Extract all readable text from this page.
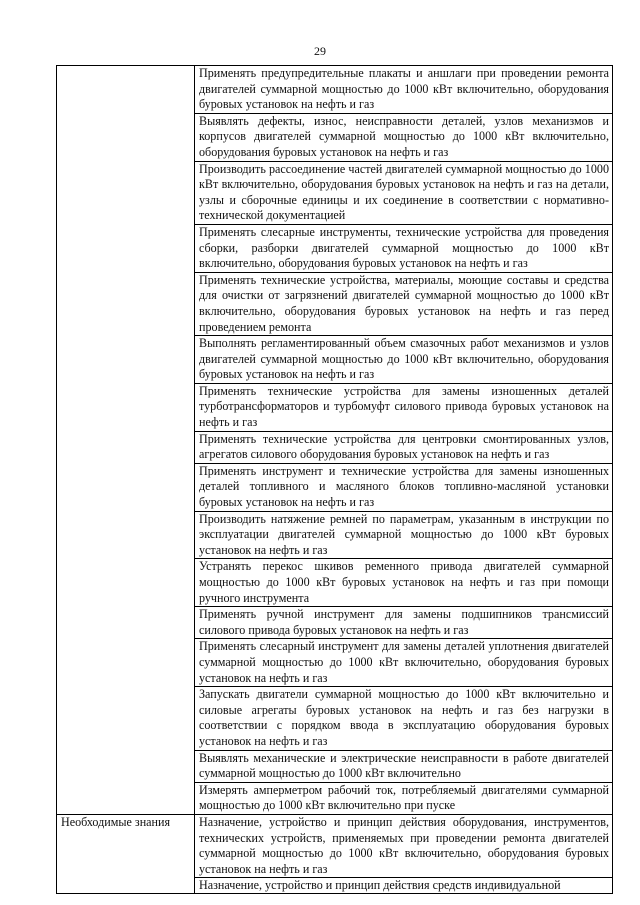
29
	Применять предупредительные плакаты и аншлаги при проведении ремонта двигателей суммарной мощностью до 1000 кВт включительно, оборудования буровых установок на нефть и газ
	Выявлять дефекты, износ, неисправности деталей, узлов механизмов и корпусов двигателей суммарной мощностью до 1000 кВт включительно, оборудования буровых установок на нефть и газ
	Производить рассоединение частей двигателей суммарной мощностью до 1000 кВт включительно, оборудования буровых установок на нефть и газ на детали, узлы и сборочные единицы и их соединение в соответствии с нормативно-технической документацией
	Применять слесарные инструменты, технические устройства для проведения сборки, разборки двигателей суммарной мощностью до 1000 кВт включительно, оборудования буровых установок на нефть и газ
	Применять технические устройства, материалы, моющие составы и средства для очистки от загрязнений двигателей суммарной мощностью до 1000 кВт включительно, оборудования буровых установок на нефть и газ перед проведением ремонта
	Выполнять регламентированный объем смазочных работ механизмов и узлов двигателей суммарной мощностью до 1000 кВт включительно, оборудования буровых установок на нефть и газ
	Применять технические устройства для замены изношенных деталей турботрансформаторов и турбомуфт силового привода буровых установок на нефть и газ
	Применять технические устройства для центровки смонтированных узлов, агрегатов силового оборудования буровых установок на нефть и газ
	Применять инструмент и технические устройства для замены изношенных деталей топливного и масляного блоков топливно-масляной установки буровых установок на нефть и газ
	Производить натяжение ремней по параметрам, указанным в инструкции по эксплуатации двигателей суммарной мощностью до 1000 кВт буровых установок на нефть и газ
	Устранять перекос шкивов ременного привода двигателей суммарной мощностью до 1000 кВт буровых установок на нефть и газ при помощи ручного инструмента
	Применять ручной инструмент для замены подшипников трансмиссий силового привода буровых установок на нефть и газ
	Применять слесарный инструмент для замены деталей уплотнения двигателей суммарной мощностью до 1000 кВт включительно, оборудования буровых установок на нефть и газ
	Запускать двигатели суммарной мощностью до 1000 кВт включительно и силовые агрегаты буровых установок на нефть и газ без нагрузки в соответствии с порядком ввода в эксплуатацию оборудования буровых установок на нефть и газ
	Выявлять механические и электрические неисправности в работе двигателей суммарной мощностью до 1000 кВт включительно
	Измерять амперметром рабочий ток, потребляемый двигателями суммарной мощностью до 1000 кВт включительно при пуске
Необходимые знания	Назначение, устройство и принцип действия оборудования, инструментов, технических устройств, применяемых при проведении ремонта двигателей суммарной мощностью до 1000 кВт включительно, оборудования буровых установок на нефть и газ

	Назначение, устройство и принцип действия средств индивидуальной
